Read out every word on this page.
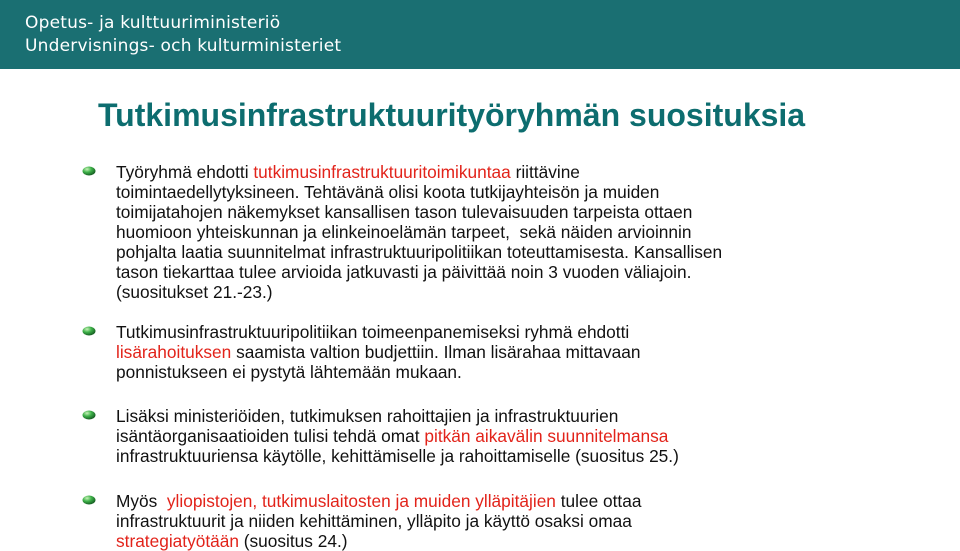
Opetus- ja kulttuuriministeriö
Undervisnings- och kulturministeriet
Tutkimusinfrastruktuurityöryhmän suosituksia
Työryhmä ehdotti tutkimusinfrastruktuuritoimikuntaa riittävine
toimintaedellytyksineen. Tehtävänä olisi koota tutkijayhteisön ja muiden
toimijatahojen näkemykset kansallisen tason tulevaisuuden tarpeista ottaen
huomioon yhteiskunnan ja elinkeinoelämän tarpeet,  sekä näiden arvioinnin
pohjalta laatia suunnitelmat infrastruktuuripolitiikan toteuttamisesta. Kansallisen
tason tiekarttaa tulee arvioida jatkuvasti ja päivittää noin 3 vuoden väliajoin.
(suositukset 21.-23.)
Tutkimusinfrastruktuuripolitiikan toimeenpanemiseksi ryhmä ehdotti
lisärahoituksen saamista valtion budjettiin. Ilman lisärahaa mittavaan
ponnistukseen ei pystytä lähtemään mukaan.
Lisäksi ministeriöiden, tutkimuksen rahoittajien ja infrastruktuurien
isäntäorganisaatioiden tulisi tehdä omat pitkän aikavälin suunnitelmansa
infrastruktuuriensa käytölle, kehittämiselle ja rahoittamiselle (suositus 25.)
Myös  yliopistojen, tutkimuslaitosten ja muiden ylläpitäjien tulee ottaa
infrastruktuurit ja niiden kehittäminen, ylläpito ja käyttö osaksi omaa
strategiatyötään (suositus 24.)
